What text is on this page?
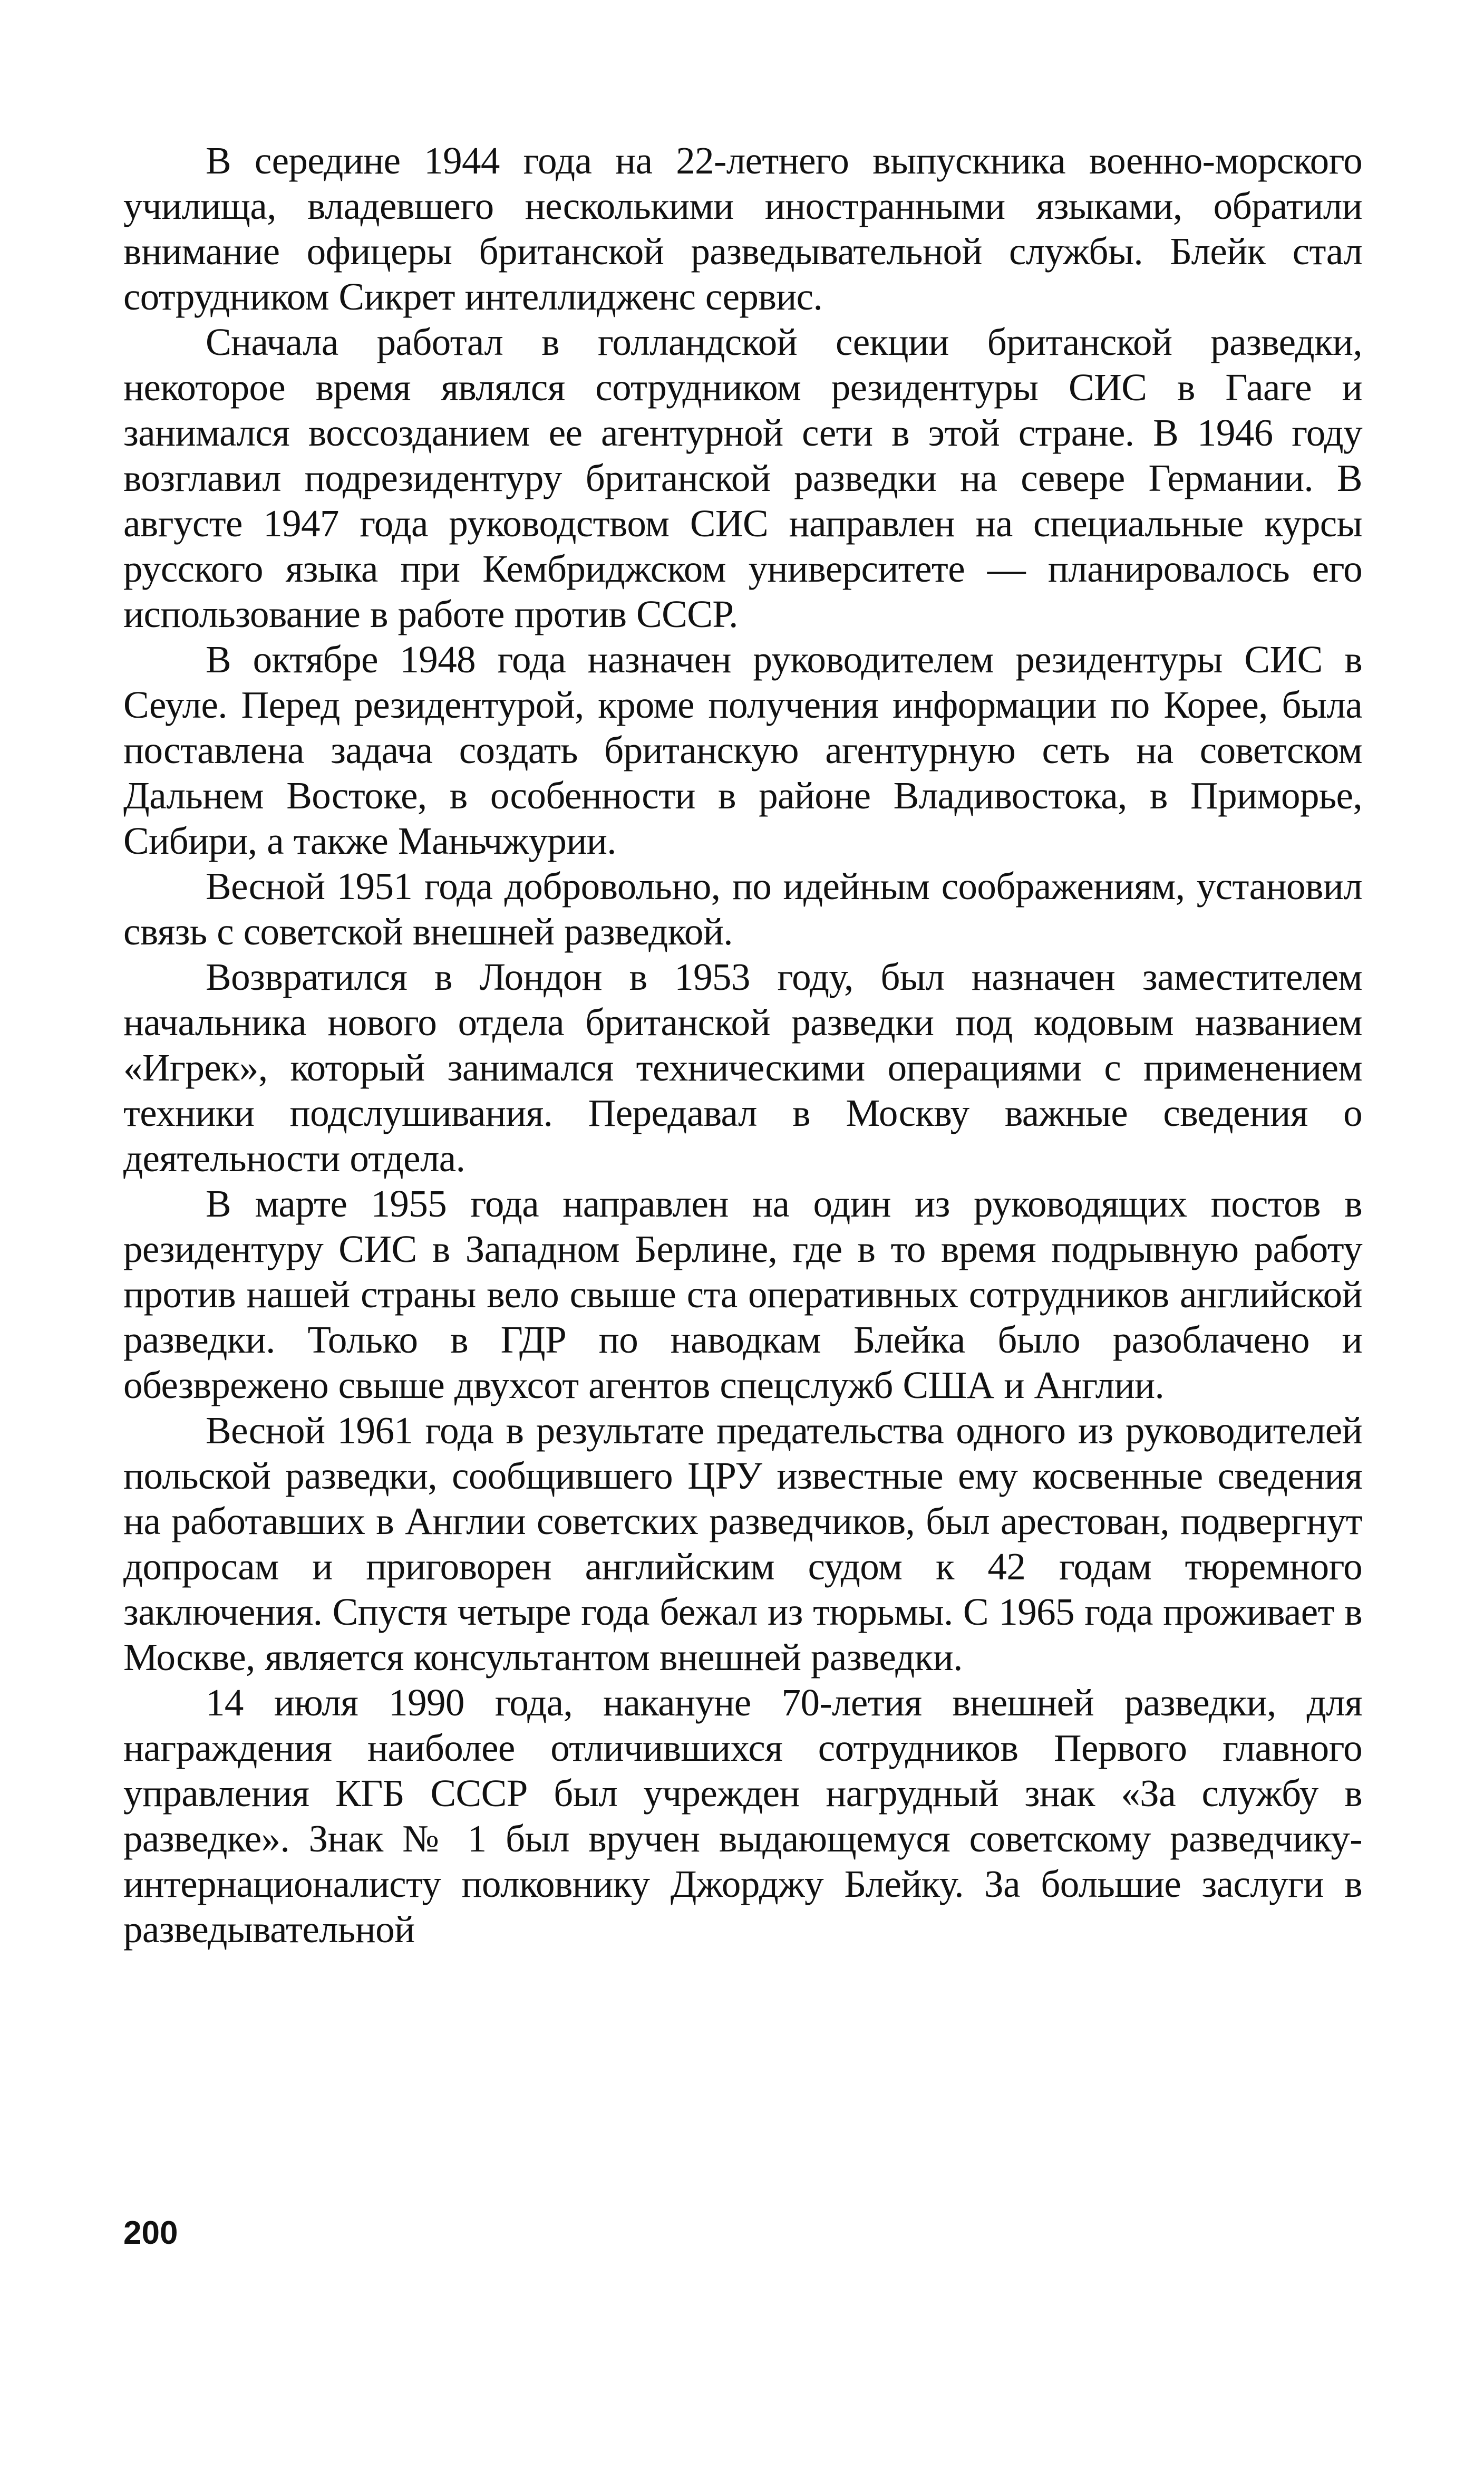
В середине 1944 года на 22-летнего выпускника военно-морского училища, владевшего несколькими иностранными языками, обратили внимание офицеры британской разведывательной службы. Блейк стал сотрудником Сикрет интеллидженс сервис.

Сначала работал в голландской секции британской разведки, некоторое время являлся сотрудником резидентуры СИС в Гааге и занимался воссозданием ее агентурной сети в этой стране. В 1946 году возглавил подрезидентуру британской разведки на севере Германии. В августе 1947 года руководством СИС направлен на специальные курсы русского языка при Кембриджском университете — планировалось его использование в работе против СССР.

В октябре 1948 года назначен руководителем резидентуры СИС в Сеуле. Перед резидентурой, кроме получения информации по Корее, была поставлена задача создать британскую агентурную сеть на советском Дальнем Востоке, в особенности в районе Владивостока, в Приморье, Сибири, а также Маньчжурии.

Весной 1951 года добровольно, по идейным соображениям, установил связь с советской внешней разведкой.

Возвратился в Лондон в 1953 году, был назначен заместителем начальника нового отдела британской разведки под кодовым названием «Игрек», который занимался техническими операциями с применением техники подслушивания. Передавал в Москву важные сведения о деятельности отдела.

В марте 1955 года направлен на один из руководящих постов в резидентуру СИС в Западном Берлине, где в то время подрывную работу против нашей страны вело свыше ста оперативных сотрудников английской разведки. Только в ГДР по наводкам Блейка было разоблачено и обезврежено свыше двухсот агентов спецслужб США и Англии.

Весной 1961 года в результате предательства одного из руководителей польской разведки, сообщившего ЦРУ известные ему косвенные сведения на работавших в Англии советских разведчиков, был арестован, подвергнут допросам и приговорен английским судом к 42 годам тюремного заключения. Спустя четыре года бежал из тюрьмы. С 1965 года проживает в Москве, является консультантом внешней разведки.

14 июля 1990 года, накануне 70-летия внешней разведки, для награждения наиболее отличившихся сотрудников Первого главного управления КГБ СССР был учрежден нагрудный знак «За службу в разведке». Знак № 1 был вручен выдающемуся советскому разведчику-интернационалисту полковнику Джорджу Блейку. За большие заслуги в разведывательной

200
